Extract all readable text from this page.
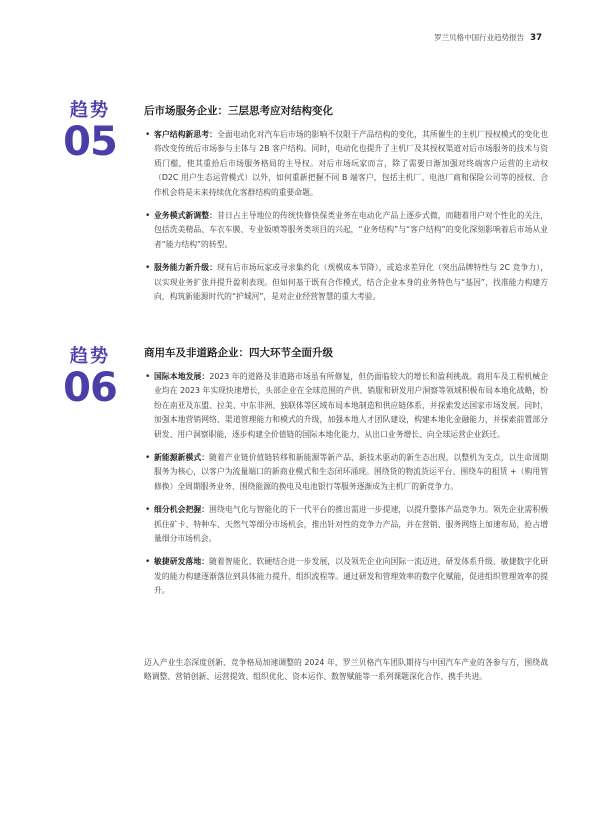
罗兰贝格中国行业趋势报告 37
趋势
05
后市场服务企业：三层思考应对结构变化
• 客户结构新思考：全面电动化对汽车后市场的影响不仅限于产品结构的变化，其所催生的主机厂授权模式的变化也将改变传统后市场参与主体与 2B 客户结构。同时，电动化也提升了主机厂及其授权渠道对后市场服务的技术与资质门槛，使其重拾后市场服务格局的主导权。对后市场玩家而言，除了需要日渐加强对终端客户运营的主动权（D2C 用户生态运营模式）以外，如何重新把握不同 B 端客户，包括主机厂、电池厂商和保险公司等的授权、合作机会将是未来持续优化客群结构的重要命题。
• 业务模式新调整：昔日占主导地位的传统快修快保类业务在电动化产品上逐步式微，而随着用户对个性化的关注，包括洗美精品、车衣车膜、专业钣喷等服务类项目的兴起，“业务结构”与“客户结构”的变化深刻影响着后市场从业者“能力结构”的转型。
• 服务能力新升级：现有后市场玩家或寻求集约化（规模成本节降），或追求差异化（突出品牌特性与 2C 竞争力），以实现业务扩张并提升盈利表现。但如何基于既有合作模式，结合企业本身的业务特色与“基因”，找准能力构建方向，构筑新能源时代的“护城河”，是对企业经营智慧的重大考验。
趋势
06
商用车及非道路企业：四大环节全面升级
• 国际本地发展：2023 年的道路及非道路市场虽有所修复，但仍面临较大的增长和盈利挑战。商用车及工程机械企业均在 2023 年实现快速增长，头部企业在全球范围的产供、销服和研发用户洞察等领域积极布局本地化战略，纷纷在南亚及东盟、拉美、中东非洲、独联体等区域布局本地制造和供应链体系，并探索发达国家市场发展。同时，加强本地营销网络、渠道管理能力和模式的升级，加强本地人才团队建设，构建本地化金融能力，并探索前置部分研发、用户洞察职能，逐步构建全价值链的国际本地化能力，从出口业务增长、向全球运营企业跃迁。
• 新能源新模式：随着产业链价值链转移和新能源等新产品、新技术驱动的新生态出现，以整机为支点，以生命周期服务为核心，以客户为流量端口的新商业模式和生态闭环涌现。围绕货的物流货运平台、围绕车的租赁 +（购用管修换）全周期服务业务、围绕能源的换电及电池银行等服务逐渐成为主机厂的新竞争力。
• 细分机会把握：围绕电气化与智能化的下一代平台的推出需进一步提速，以提升整体产品竞争力。领先企业需积极抓住矿卡、特种车、天然气等细分市场机会，推出针对性的竞争力产品，并在营销、服务网络上加速布局，抢占增量细分市场机会。
• 敏捷研发落地：随着智能化、软硬结合进一步发展，以及领先企业向国际一流迈进，研发体系升级、敏捷数字化研发的能力构建逐渐落位到具体能力提升、组织流程等。通过研发和管理效率的数字化赋能，促进组织管理效率的提升。

迈入产业生态深度创新、竞争格局加速调整的 2024 年，罗兰贝格汽车团队期待与中国汽车产业的各参与方，围绕战略调整、营销创新、运营提效、组织优化、资本运作、数智赋能等一系列课题深化合作、携手共进。
